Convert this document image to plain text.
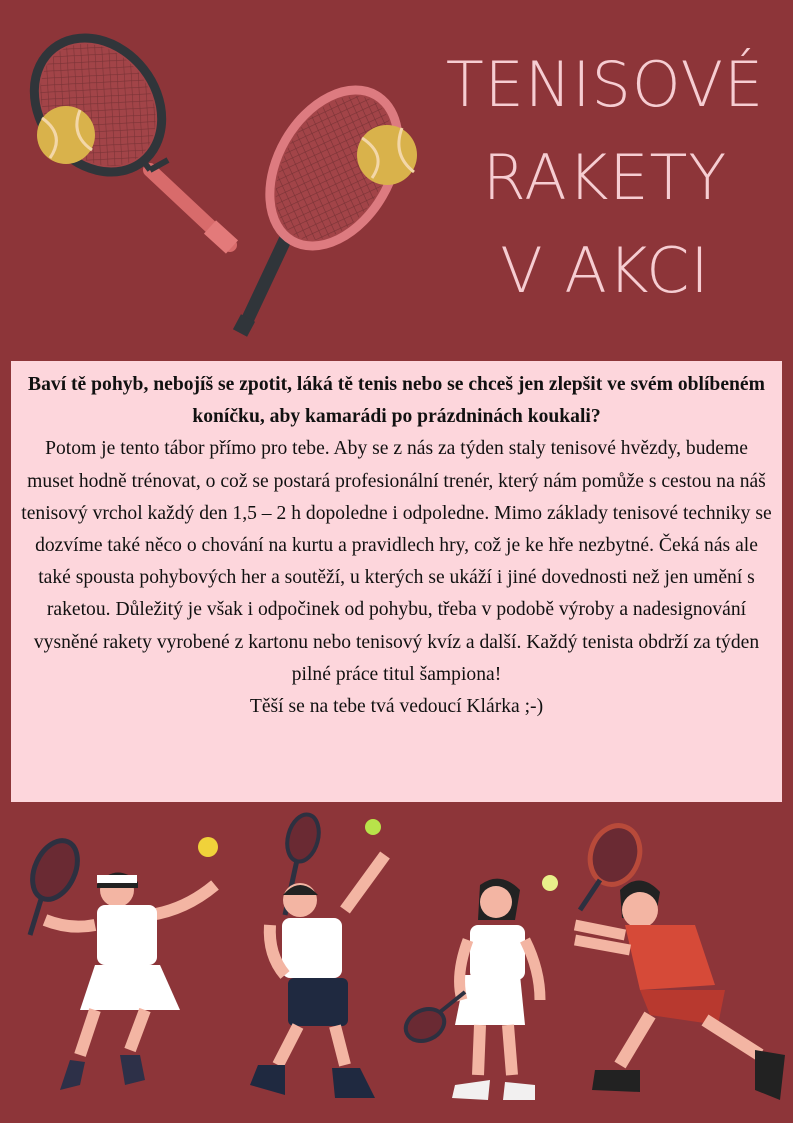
TENISOVÉ
RAKETY
V AKCI

Baví tě pohyb, nebojíš se zpotit, láká tě tenis nebo se chceš jen zlepšit ve svém oblíbeném koníčku, aby kamarádi po prázdninách koukali?

Potom je tento tábor přímo pro tebe. Aby se z nás za týden staly tenisové hvězdy, budeme muset hodně trénovat, o což se postará profesionální trenér, který nám pomůže s cestou na náš tenisový vrchol každý den 1,5 – 2 h dopoledne i odpoledne. Mimo základy tenisové techniky se dozvíme také něco o chování na kurtu a pravidlech hry, což je ke hře nezbytné. Čeká nás ale také spousta pohybových her a soutěží, u kterých se ukáží i jiné dovednosti než jen umění s raketou. Důležitý je však i odpočinek od pohybu, třeba v podobě výroby a nadesignování vysněné rakety vyrobené z kartonu nebo tenisový kvíz a další. Každý tenista obdrží za týden pilné práce titul šampiona!

Těší se na tebe tvá vedoucí Klárka ;-)
